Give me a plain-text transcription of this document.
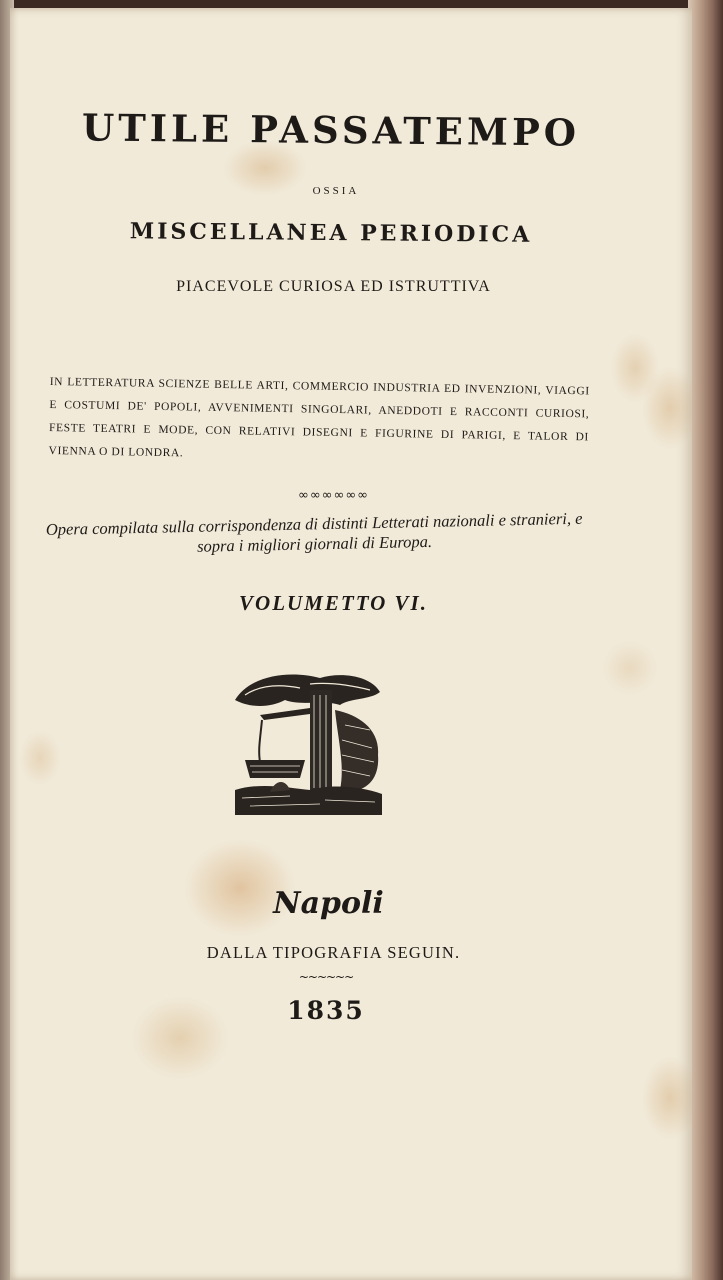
UTILE PASSATEMPO
OSSIA
MISCELLANEA PERIODICA
PIACEVOLE CURIOSA ED ISTRUTTIVA
IN LETTERATURA SCIENZE BELLE ARTI, COMMERCIO INDUSTRIA ED INVENZIONI, VIAGGI E COSTUMI DE' POPOLI, AVVENIMENTI SINGOLARI, ANEDDOTI E RACCONTI CURIOSI, FESTE TEATRI E MODE, CON RELATIVI DISEGNI E FIGURINE DI PARIGI, E TALOR DI VIENNA O DI LONDRA.
∞∞∞∞∞∞
Opera compilata sulla corrispondenza di distinti Letterati nazionali e stranieri, e sopra i migliori giornali di Europa.
VOLUMETTO VI.
Napoli
DALLA TIPOGRAFIA SEGUIN.
~~~~~~
1835
